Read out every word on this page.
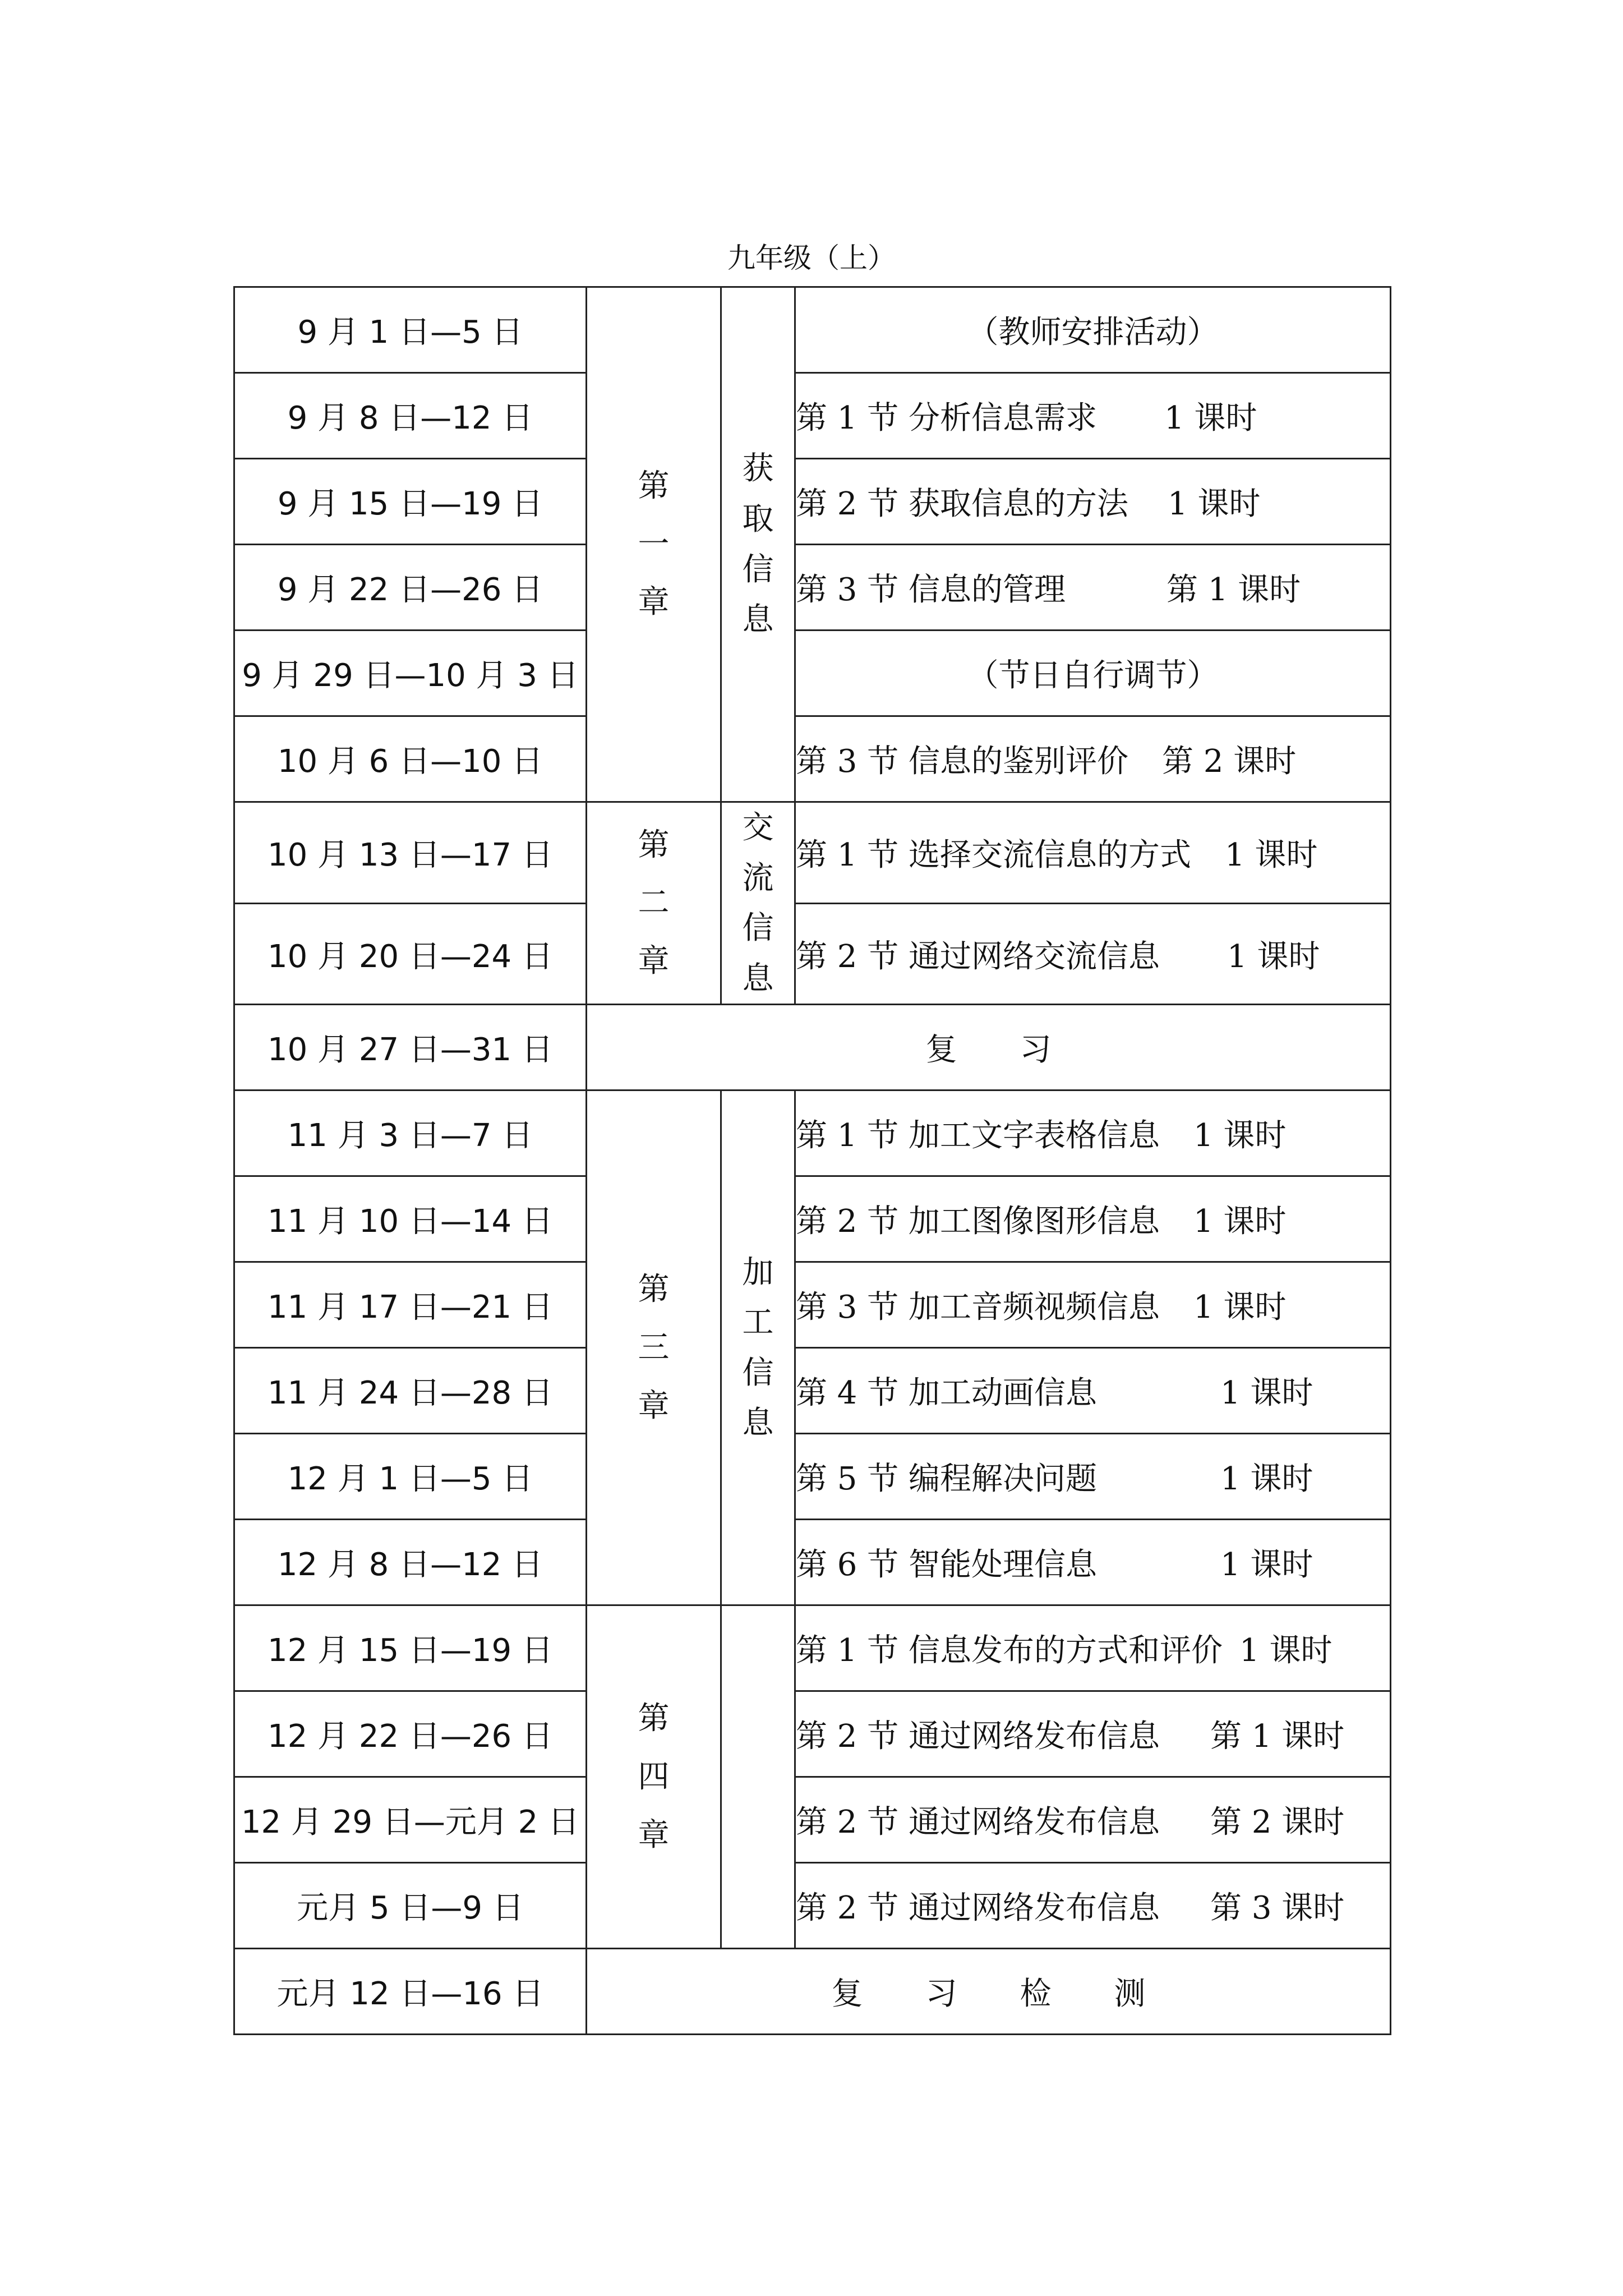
九年级（上）
9 月 1 日—5 日	第一章	获取信息	（教师安排活动）
9 月 8 日—12 日			第 1 节 分析信息需求 1 课时
9 月 15 日—19 日			第 2 节 获取信息的方法 1 课时
9 月 22 日—26 日			第 3 节 信息的管理 第 1 课时
9 月 29 日—10 月 3 日			（节日自行调节）
10 月 6 日—10 日			第 3 节 信息的鉴别评价 第 2 课时
10 月 13 日—17 日	第二章	交流信息	第 1 节 选择交流信息的方式 1 课时
10 月 20 日—24 日			第 2 节 通过网络交流信息 1 课时
10 月 27 日—31 日	复　　习		
11 月 3 日—7 日	第三章	加工信息	第 1 节 加工文字表格信息 1 课时
11 月 10 日—14 日			第 2 节 加工图像图形信息 1 课时
11 月 17 日—21 日			第 3 节 加工音频视频信息 1 课时
11 月 24 日—28 日			第 4 节 加工动画信息 1 课时
12 月 1 日—5 日			第 5 节 编程解决问题 1 课时
12 月 8 日—12 日			第 6 节 智能处理信息 1 课时
12 月 15 日—19 日	第四章		第 1 节 信息发布的方式和评价 1 课时
12 月 22 日—26 日			第 2 节 通过网络发布信息 第 1 课时
12 月 29 日—元月 2 日			第 2 节 通过网络发布信息 第 2 课时
元月 5 日—9 日			第 2 节 通过网络发布信息 第 3 课时
元月 12 日—16 日	复　　习　　检　　测		
